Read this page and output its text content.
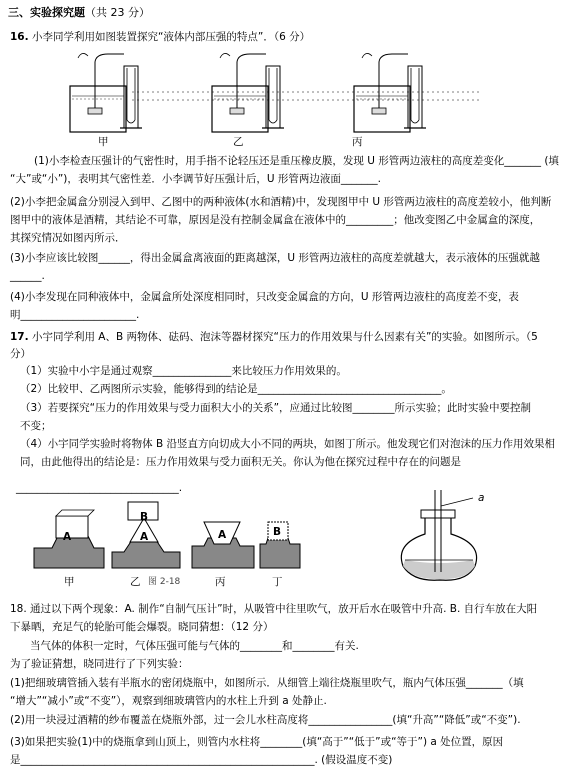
三、实验探究题（共 23 分）
16. 小李同学利用如图装置探究“液体内部压强的特点”．（6 分）
甲	乙	丙
(1)小李检查压强计的气密性时，用手指不论轻压还是重压橡皮膜，发现 U 形管两边液柱的高度差变化_______ (填
“大”或“小”)，表明其气密性差．小李调节好压强计后，U 形管两边液面_______.
(2)小李把金属盒分别浸入到甲、乙图中的两种液体(水和酒精)中，发现图甲中 U 形管两边液柱的高度差较小，他判断
图甲中的液体是酒精，其结论不可靠，原因是没有控制金属盒在液体中的_________；他改变图乙中金属盒的深度，
其探究情况如图丙所示．
(3)小李应该比较图______，得出金属盒离液面的距离越深，U 形管两边液柱的高度差就越大，表示液体的压强就越
______.
(4)小李发现在同种液体中，金属盒所处深度相同时，只改变金属盒的方向，U 形管两边液柱的高度差不变，表
明______________________.
17. 小宇同学利用 A、B 两物体、砝码、泡沫等器材探究“压力的作用效果与什么因素有关”的实验。如图所示。（5
分）
（1）实验中小宇是通过观察_______________来比较压力作用效果的。
（2）比较甲、乙两图所示实验，能够得到的结论是___________________________________。
（3）若要探究“压力的作用效果与受力面积大小的关系”，应通过比较图________所示实验；此时实验中要控制
不变；
（4）小宇同学实验时将物体 B 沿竖直方向切成大小不同的两块，如图丁所示。他发现它们对泡沫的压力作用效果相
同，由此他得出的结论是：压力作用效果与受力面积无关。你认为他在探究过程中存在的问题是
_______________________________.
A
B
A	A	B
甲	乙 图 2-18	丙	丁
a
18. 通过以下两个现象：A. 制作“自制气压计”时，从吸管中往里吹气，放开后水在吸管中升高. B. 自行车放在大阳
下暴晒，充足气的轮胎可能会爆裂。晓同猜想：（12 分）
当气体的体积一定时，气体压强可能与气体的________和________有关.
为了验证猜想，晓同进行了下列实验：
(1)把细玻璃管插入装有半瓶水的密闭烧瓶中，如图所示．从细管上端往烧瓶里吹气，瓶内气体压强_______（填
“增大”“减小”或“不变”），观察到细玻璃管内的水柱上升到 a 处静止.
(2)用一块浸过酒精的纱布覆盖在烧瓶外部，过一会儿水柱高度将________________(填“升高”“降低”或“不变”).
(3)如果把实验(1)中的烧瓶拿到山顶上，则管内水柱将________(填“高于”“低于”或“等于”) a 处位置，原因
是________________________________________________________. (假设温度不变)
